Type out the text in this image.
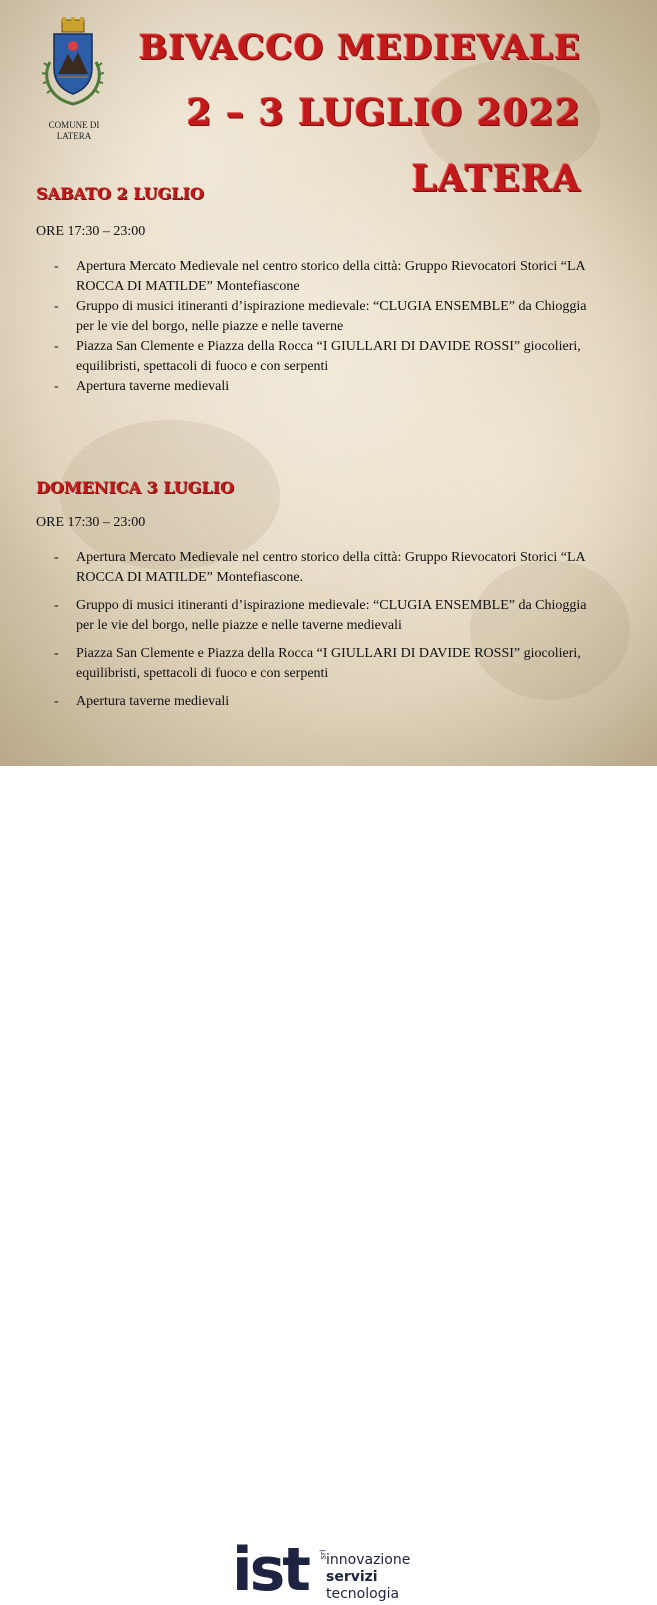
COMUNE DI LATERA
BIVACCO MEDIEVALE
2 – 3 LUGLIO 2022
LATERA
SABATO 2 LUGLIO
ORE 17:30 – 23:00
- Apertura Mercato Medievale nel centro storico della città: Gruppo Rievocatori Storici “LA ROCCA DI MATILDE” Montefiascone
- Gruppo di musici itineranti d’ispirazione medievale: “CLUGIA ENSEMBLE” da Chioggia per le vie del borgo, nelle piazze e nelle taverne
- Piazza San Clemente e Piazza della Rocca “I GIULLARI DI DAVIDE ROSSI” giocolieri, equilibristi, spettacoli di fuoco e con serpenti
- Apertura taverne medievali
DOMENICA 3 LUGLIO
ORE 17:30 – 23:00
- Apertura Mercato Medievale nel centro storico della città: Gruppo Rievocatori Storici “LA ROCCA DI MATILDE” Montefiascone.
- Gruppo di musici itineranti d’ispirazione medievale: “CLUGIA ENSEMBLE” da Chioggia per le vie del borgo, nelle piazze e nelle taverne medievali
- Piazza San Clemente e Piazza della Rocca “I GIULLARI DI DAVIDE ROSSI” giocolieri, equilibristi, spettacoli di fuoco e con serpenti
- Apertura taverne medievali
ist srl
innovazione
servizi
tecnologia
